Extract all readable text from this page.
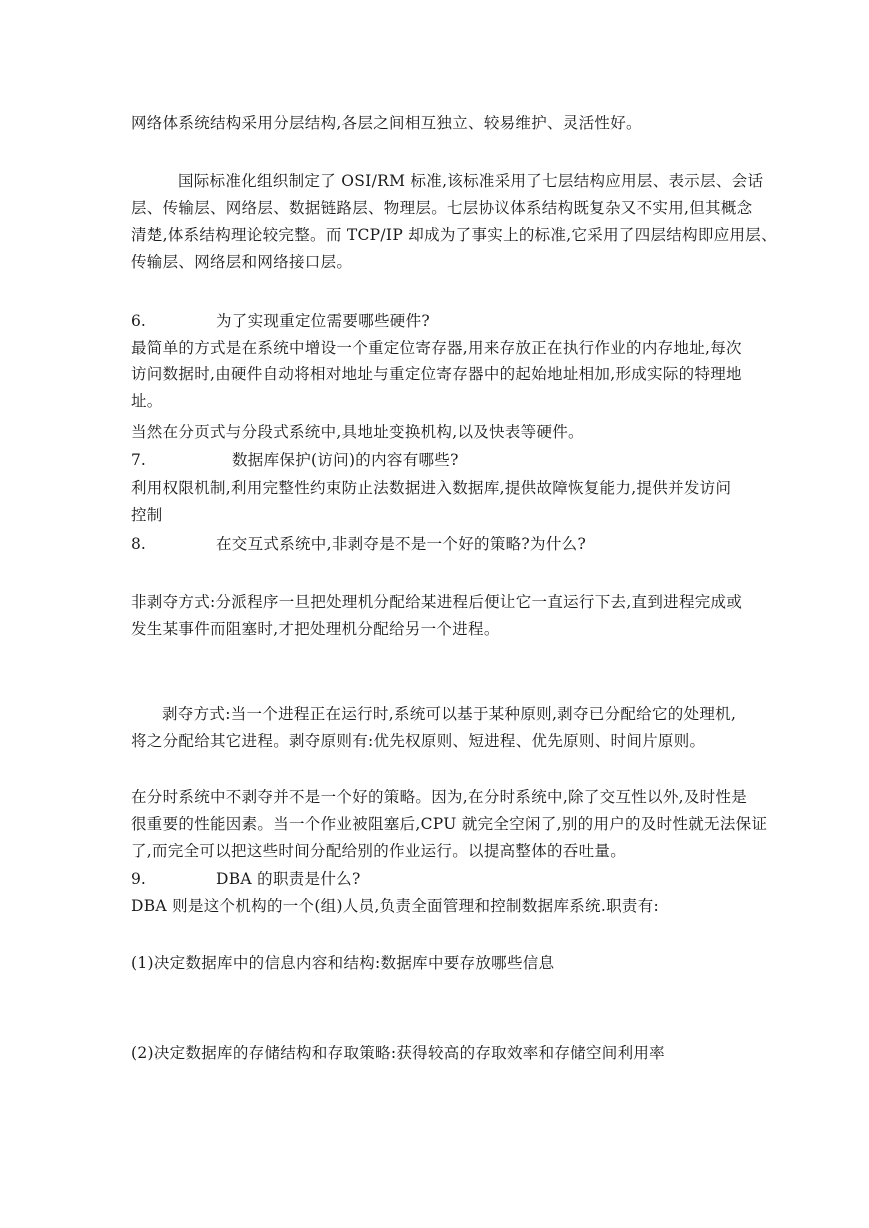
网络体系统结构采用分层结构,各层之间相互独立、较易维护、灵活性好。
国际标准化组织制定了 OSI/RM 标准,该标准采用了七层结构应用层、表示层、会话
层、传输层、网络层、数据链路层、物理层。七层协议体系结构既复杂又不实用,但其概念
清楚,体系结构理论较完整。而 TCP/IP 却成为了事实上的标准,它采用了四层结构即应用层、
传输层、网络层和网络接口层。
6.	为了实现重定位需要哪些硬件?
最简单的方式是在系统中增设一个重定位寄存器,用来存放正在执行作业的内存地址,每次
访问数据时,由硬件自动将相对地址与重定位寄存器中的起始地址相加,形成实际的特理地
址。
当然在分页式与分段式系统中,具地址变换机构,以及快表等硬件。
7.	数据库保护(访问)的内容有哪些?
利用权限机制,利用完整性约束防止法数据进入数据库,提供故障恢复能力,提供并发访问
控制
8.	在交互式系统中,非剥夺是不是一个好的策略?为什么?
非剥夺方式:分派程序一旦把处理机分配给某进程后便让它一直运行下去,直到进程完成或
发生某事件而阻塞时,才把处理机分配给另一个进程。
剥夺方式:当一个进程正在运行时,系统可以基于某种原则,剥夺已分配给它的处理机,
将之分配给其它进程。剥夺原则有:优先权原则、短进程、优先原则、时间片原则。
在分时系统中不剥夺并不是一个好的策略。因为,在分时系统中,除了交互性以外,及时性是
很重要的性能因素。当一个作业被阻塞后,CPU 就完全空闲了,别的用户的及时性就无法保证
了,而完全可以把这些时间分配给别的作业运行。以提高整体的吞吐量。
9.	DBA 的职责是什么?
DBA 则是这个机构的一个(组)人员,负责全面管理和控制数据库系统.职责有:
(1)决定数据库中的信息内容和结构:数据库中要存放哪些信息
(2)决定数据库的存储结构和存取策略:获得较高的存取效率和存储空间利用率
